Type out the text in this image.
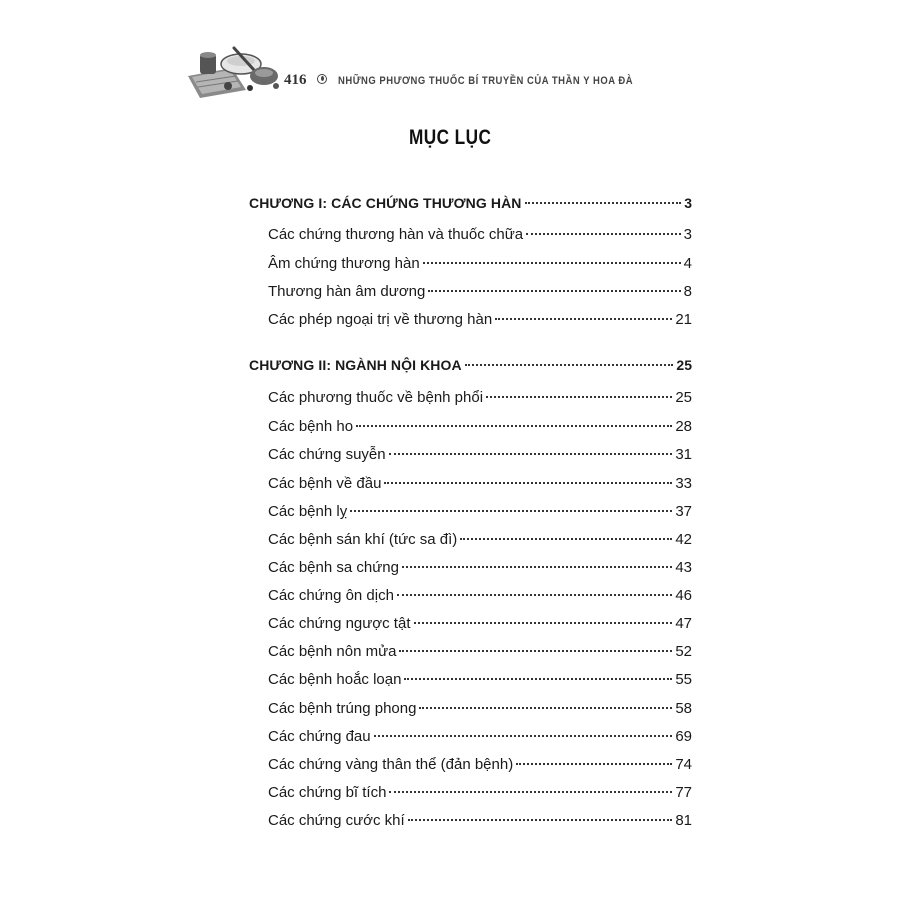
416	NHỮNG PHƯƠNG THUỐC BÍ TRUYỀN CỦA THẦN Y HOA ĐÀ
MỤC LỤC
CHƯƠNG I: CÁC CHỨNG THƯƠNG HÀN	3
Các chứng thương hàn và thuốc chữa	3
Âm chứng thương hàn	4
Thương hàn âm dương	8
Các phép ngoại trị về thương hàn	21
CHƯƠNG II: NGÀNH NỘI KHOA	25
Các phương thuốc về bệnh phổi	25
Các bệnh ho	28
Các chứng suyễn	31
Các bệnh về đầu	33
Các bệnh lỵ	37
Các bệnh sán khí (tức sa đì)	42
Các bệnh sa chứng	43
Các chứng ôn dịch	46
Các chứng ngược tật	47
Các bệnh nôn mửa	52
Các bệnh hoắc loạn	55
Các bệnh trúng phong	58
Các chứng đau	69
Các chứng vàng thân thể (đản bệnh)	74
Các chứng bĩ tích	77
Các chứng cước khí	81
